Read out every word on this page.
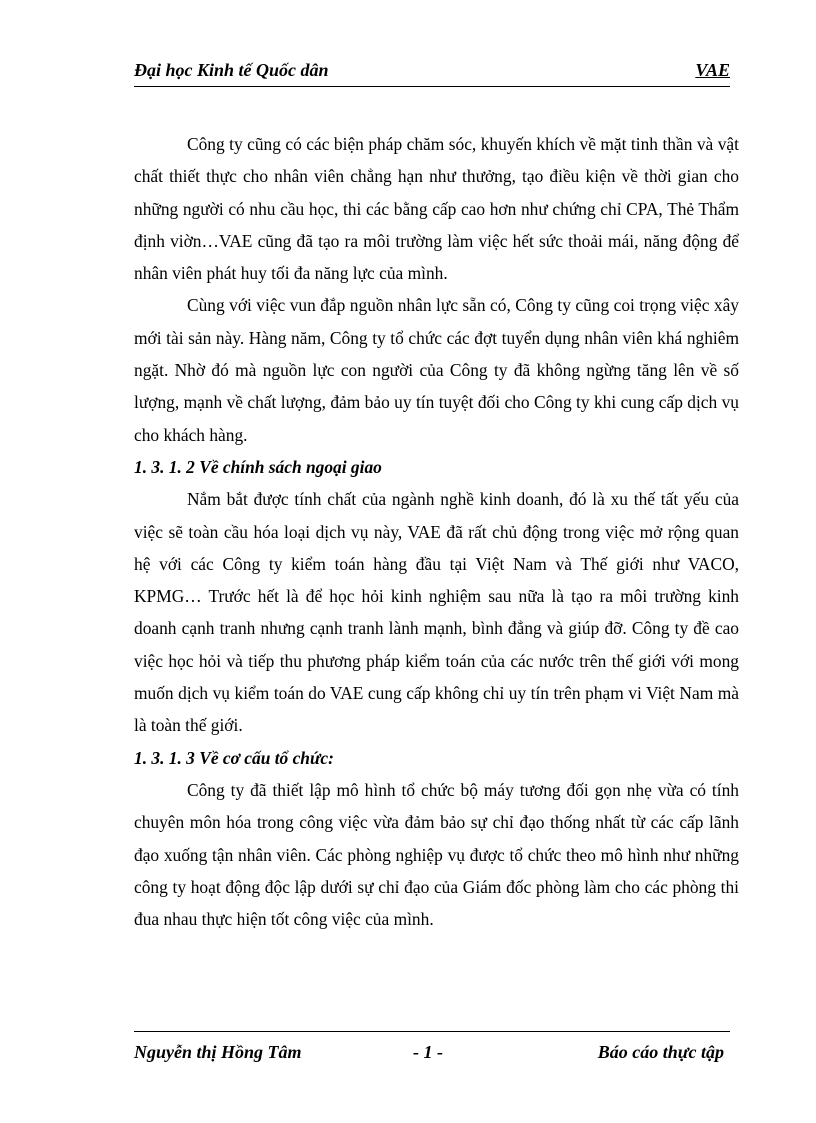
Đại học Kinh tế Quốc dân	VAE

Công ty cũng có các biện pháp chăm sóc, khuyến khích về mặt tinh thần và vật chất thiết thực cho nhân viên chẳng hạn như thưởng, tạo điều kiện về thời gian cho những người có nhu cầu học, thi các bằng cấp cao hơn như chứng chỉ CPA, Thẻ Thẩm định viờn…VAE cũng đã tạo ra môi trường làm việc hết sức thoải mái, năng động để nhân viên phát huy tối đa năng lực của mình.

Cùng với việc vun đắp nguồn nhân lực sẵn có, Công ty cũng coi trọng việc xây mới tài sản này. Hàng năm, Công ty tổ chức các đợt tuyển dụng nhân viên khá nghiêm ngặt. Nhờ đó mà nguồn lực con người của Công ty đã không ngừng tăng lên về số lượng, mạnh về chất lượng, đảm bảo uy tín tuyệt đối cho Công ty khi cung cấp dịch vụ cho khách hàng.

1. 3. 1. 2 Về chính sách ngoại giao

Nắm bắt được tính chất của ngành nghề kinh doanh, đó là xu thế tất yếu của việc sẽ toàn cầu hóa loại dịch vụ này, VAE đã rất chủ động trong việc mở rộng quan hệ với các Công ty kiểm toán hàng đầu tại Việt Nam và Thế giới như VACO, KPMG… Trước hết là để học hỏi kinh nghiệm sau nữa là tạo ra môi trường kinh doanh cạnh tranh nhưng cạnh tranh lành mạnh, bình đẳng và giúp đỡ. Công ty đề cao việc học hỏi và tiếp thu phương pháp kiểm toán của các nước trên thế giới với mong muốn dịch vụ kiểm toán do VAE cung cấp không chỉ uy tín trên phạm vi Việt Nam mà là toàn thế giới.

1. 3. 1. 3 Về cơ cấu tổ chức:

Công ty đã thiết lập mô hình tổ chức bộ máy tương đối gọn nhẹ vừa có tính chuyên môn hóa trong công việc vừa đảm bảo sự chỉ đạo thống nhất từ các cấp lãnh đạo xuống tận nhân viên. Các phòng nghiệp vụ được tổ chức theo mô hình như những công ty hoạt động độc lập dưới sự chỉ đạo của Giám đốc phòng làm cho các phòng thi đua nhau thực hiện tốt công việc của mình.

Nguyễn thị Hồng Tâm	- 1 -	Báo cáo thực tập
